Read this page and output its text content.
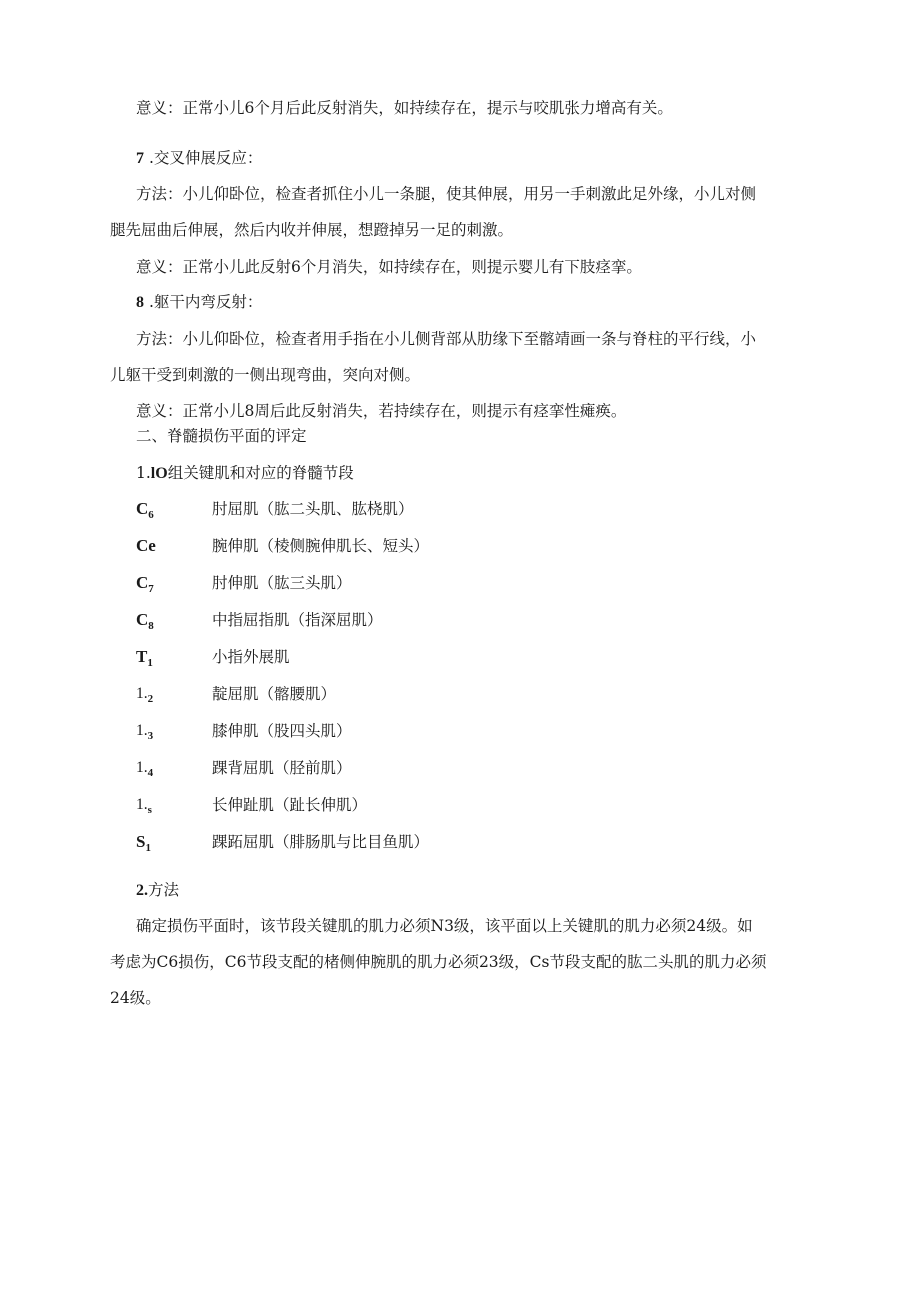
意义：正常小儿6个月后此反射消失，如持续存在，提示与咬肌张力增高有关。
7 .交叉伸展反应：
方法：小儿仰卧位，检查者抓住小儿一条腿，使其伸展，用另一手刺激此足外缘，小儿对侧
腿先屈曲后伸展，然后内收并伸展，想蹬掉另一足的刺激。
意义：正常小儿此反射6个月消失，如持续存在，则提示婴儿有下肢痉挛。
8 .躯干内弯反射：
方法：小儿仰卧位，检查者用手指在小儿侧背部从肋缘下至髂靖画一条与脊柱的平行线，小
儿躯干受到刺激的一侧出现弯曲，突向对侧。
意义：正常小儿8周后此反射消失，若持续存在，则提示有痉挛性瘫痪。
二、脊髓损伤平面的评定
1.lO组关键肌和对应的脊髓节段
$C_6$	肘屈肌（肱二头肌、肱桡肌）
Ce	腕伸肌（棱侧腕伸肌长、短头）
$C_7$	肘伸肌（肱三头肌）
$C_8$	中指屈指肌（指深屈肌）
$T_1$	小指外展肌
$1._2$	靛屈肌（髂腰肌）
$1._3$	膝伸肌（股四头肌）
$1._4$	踝背屈肌（胫前肌）
$1._s$	长伸趾肌（趾长伸肌）
$S_1$	踝跖屈肌（腓肠肌与比目鱼肌）
2.方法
确定损伤平面时，该节段关键肌的肌力必须N3级，该平面以上关键肌的肌力必须24级。如
考虑为C6损伤，C6节段支配的楮侧伸腕肌的肌力必须23级，Cs节段支配的肱二头肌的肌力必须
24级。
